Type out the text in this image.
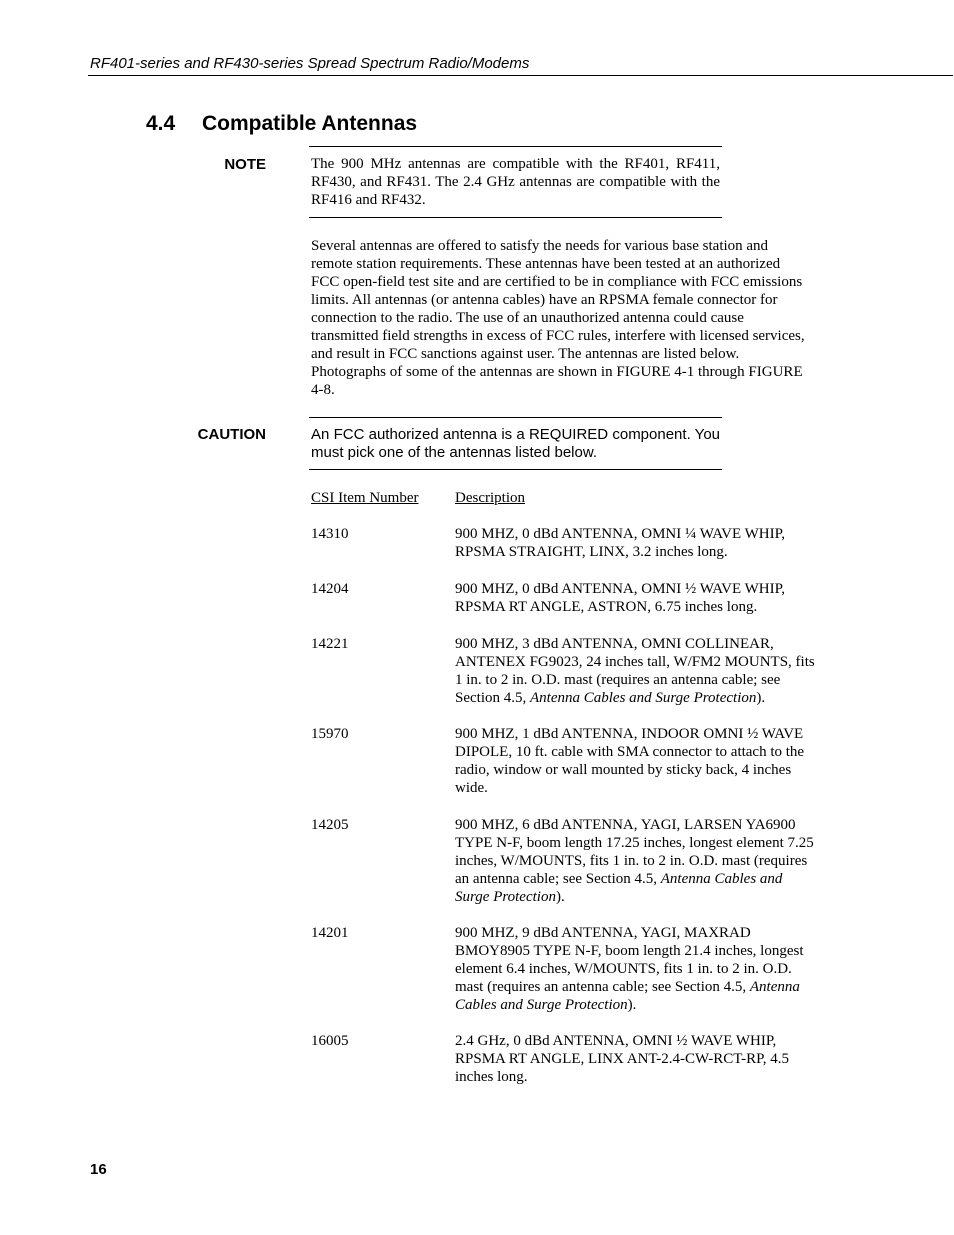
RF401-series and RF430-series Spread Spectrum Radio/Modems
4.4 Compatible Antennas
NOTE	The 900 MHz antennas are compatible with the RF401, RF411, RF430, and RF431. The 2.4 GHz antennas are compatible with the RF416 and RF432.
Several antennas are offered to satisfy the needs for various base station and remote station requirements. These antennas have been tested at an authorized FCC open-field test site and are certified to be in compliance with FCC emissions limits. All antennas (or antenna cables) have an RPSMA female connector for connection to the radio. The use of an unauthorized antenna could cause transmitted field strengths in excess of FCC rules, interfere with licensed services, and result in FCC sanctions against user. The antennas are listed below. Photographs of some of the antennas are shown in FIGURE 4-1 through FIGURE 4-8.
CAUTION	An FCC authorized antenna is a REQUIRED component. You must pick one of the antennas listed below.
CSI Item Number Description
14310	900 MHZ, 0 dBd ANTENNA, OMNI ¼ WAVE WHIP, RPSMA STRAIGHT, LINX, 3.2 inches long.
14204	900 MHZ, 0 dBd ANTENNA, OMNI ½ WAVE WHIP, RPSMA RT ANGLE, ASTRON, 6.75 inches long.
14221	900 MHZ, 3 dBd ANTENNA, OMNI COLLINEAR, ANTENEX FG9023, 24 inches tall, W/FM2 MOUNTS, fits 1 in. to 2 in. O.D. mast (requires an antenna cable; see Section 4.5, Antenna Cables and Surge Protection).
15970	900 MHZ, 1 dBd ANTENNA, INDOOR OMNI ½ WAVE DIPOLE, 10 ft. cable with SMA connector to attach to the radio, window or wall mounted by sticky back, 4 inches wide.
14205	900 MHZ, 6 dBd ANTENNA, YAGI, LARSEN YA6900 TYPE N-F, boom length 17.25 inches, longest element 7.25 inches, W/MOUNTS, fits 1 in. to 2 in. O.D. mast (requires an antenna cable; see Section 4.5, Antenna Cables and Surge Protection).
14201	900 MHZ, 9 dBd ANTENNA, YAGI, MAXRAD BMOY8905 TYPE N-F, boom length 21.4 inches, longest element 6.4 inches, W/MOUNTS, fits 1 in. to 2 in. O.D. mast (requires an antenna cable; see Section 4.5, Antenna Cables and Surge Protection).
16005	2.4 GHz, 0 dBd ANTENNA, OMNI ½ WAVE WHIP, RPSMA RT ANGLE, LINX ANT-2.4-CW-RCT-RP, 4.5 inches long.
16
